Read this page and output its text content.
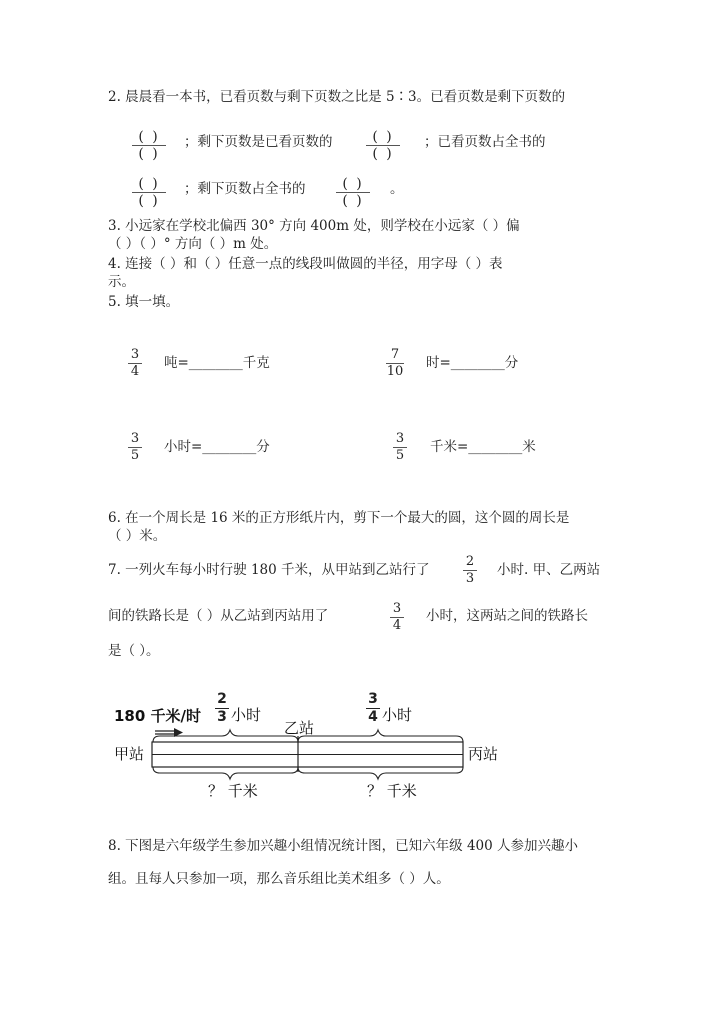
2. 晨晨看一本书，已看页数与剩下页数之比是 5∶3。已看页数是剩下页数的
( )
( )
；剩下页数是已看页数的	( )
( )
；已看页数占全书的
( )
( )
；剩下页数占全书的	( )
( )
。
3. 小远家在学校北偏西 30° 方向 400m 处，则学校在小远家（ ）偏
（ ）（ ）° 方向（ ）m 处。
4. 连接（ ）和（ ）任意一点的线段叫做圆的半径，用字母（ ）表
示。
5. 填一填。
3
4
吨=________千克
7
10
时=________分
3
5
小时=________分
3
5
千米=________米
6. 在一个周长是 16 米的正方形纸片内，剪下一个最大的圆，这个圆的周长是
（ ）米。
7. 一列火车每小时行驶 180 千米，从甲站到乙站行了
2
3
小时. 甲、乙两站
间的铁路长是（ ）从乙站到丙站用了	3
4
小时，这两站之间的铁路长
是（ ）。
180 千米/时
2
3 小时
乙站
3
4 小时
甲站	丙站
？ 千米	？ 千米
8. 下图是六年级学生参加兴趣小组情况统计图，已知六年级 400 人参加兴趣小
组。且每人只参加一项，那么音乐组比美术组多（ ）人。
